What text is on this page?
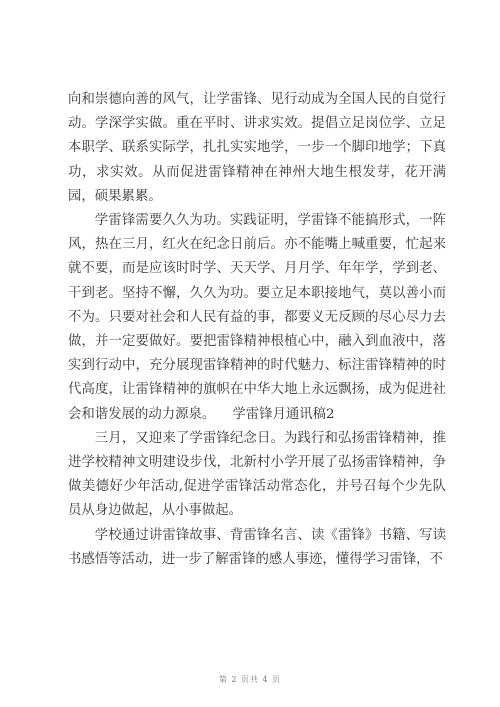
向和崇德向善的风气，让学雷锋、见行动成为全国人民的自觉行动。学深学实做。重在平时、讲求实效。提倡立足岗位学、立足本职学、联系实际学，扎扎实实地学，一步一个脚印地学；下真功，求实效。从而促进雷锋精神在神州大地生根发芽，花开满园，硕果累累。

学雷锋需要久久为功。实践证明，学雷锋不能搞形式，一阵风，热在三月，红火在纪念日前后。亦不能嘴上喊重要，忙起来就不要，而是应该时时学、天天学、月月学、年年学，学到老、干到老。坚持不懈，久久为功。要立足本职接地气，莫以善小而不为。只要对社会和人民有益的事，都要义无反顾的尽心尽力去做，并一定要做好。要把雷锋精神根植心中，融入到血液中，落实到行动中，充分展现雷锋精神的时代魅力、标注雷锋精神的时代高度，让雷锋精神的旗帜在中华大地上永远飘扬，成为促进社会和谐发展的动力源泉。    学雷锋月通讯稿2

三月，又迎来了学雷锋纪念日。为践行和弘扬雷锋精神，推进学校精神文明建设步伐，北新村小学开展了弘扬雷锋精神，争做美德好少年活动,促进学雷锋活动常态化，并号召每个少先队员从身边做起，从小事做起。

学校通过讲雷锋故事、背雷锋名言、读《雷锋》书籍、写读书感悟等活动，进一步了解雷锋的感人事迹，懂得学习雷锋，不

第 2 页共 4 页
